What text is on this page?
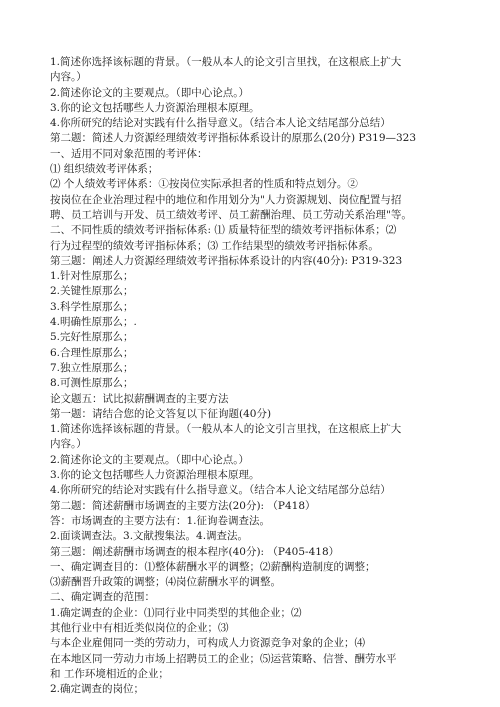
1.简述你选择该标题的背景。（一般从本人的论文引言里找，在这根底上扩大
内容。）
2.简述你论文的主要观点。（即中心论点。）
3.你的论文包括哪些人力资源治理根本原理。
4.你所研究的结论对实践有什么指导意义。（结合本人论文结尾部分总结）
第二题：简述人力资源经理绩效考评指标体系设计的原那么(20分) P319—323
一、适用不同对象范围的考评体：
⑴ 组织绩效考评体系；
⑵ 个人绩效考评体系：①按岗位实际承担者的性质和特点划分。②
按岗位在企业治理过程中的地位和作用划分为"人力资源规划、岗位配置与招
聘、员工培训与开发、员工绩效考评、员工薪酬治理、员工劳动关系治理"等。
二、不同性质的绩效考评指标体系: ⑴ 质量特征型的绩效考评指标体系；⑵
行为过程型的绩效考评指标体系；⑶ 工作结果型的绩效考评指标体系。
第三题：阐述人力资源经理绩效考评指标体系设计的内容(40分): P319-323
1.针对性原那么；
2.关键性原那么；
3.科学性原那么；
4.明确性原那么；.
5.完好性原那么；
6.合理性原那么；
7.独立性原那么；
8.可测性原那么；
论文题五：试比拟薪酬调查的主要方法
第一题：请结合您的论文答复以下征询题(40分)
1.简述你选择该标题的背景。（一般从本人的论文引言里找，在这根底上扩大
内容。）
2.简述你论文的主要观点。（即中心论点。）
3.你的论文包括哪些人力资源治理根本原理。
4.你所研究的结论对实践有什么指导意义。（结合本人论文结尾部分总结）
第二题：简述薪酬市场调查的主要方法(20分): （P418）
答：市场调查的主要方法有：1.征询卷调查法。
2.面谈调查法。3.文献搜集法。4.调查法。
第三题：阐述薪酬市场调查的根本程序(40分): （P405-418）
一、确定调查目的：⑴整体薪酬水平的调整；⑵薪酬构造制度的调整；
⑶薪酬晋升政策的调整；⑷岗位薪酬水平的调整。
二、确定调查的范围：
1.确定调查的企业：⑴同行业中同类型的其他企业；⑵
其他行业中有相近类似岗位的企业；⑶
与本企业雇佣同一类的劳动力，可构成人力资源竞争对象的企业；⑷
在本地区同一劳动力市场上招聘员工的企业；⑸运营策略、信誉、酬劳水平
和 工作环境相近的企业；
2.确定调查的岗位；
